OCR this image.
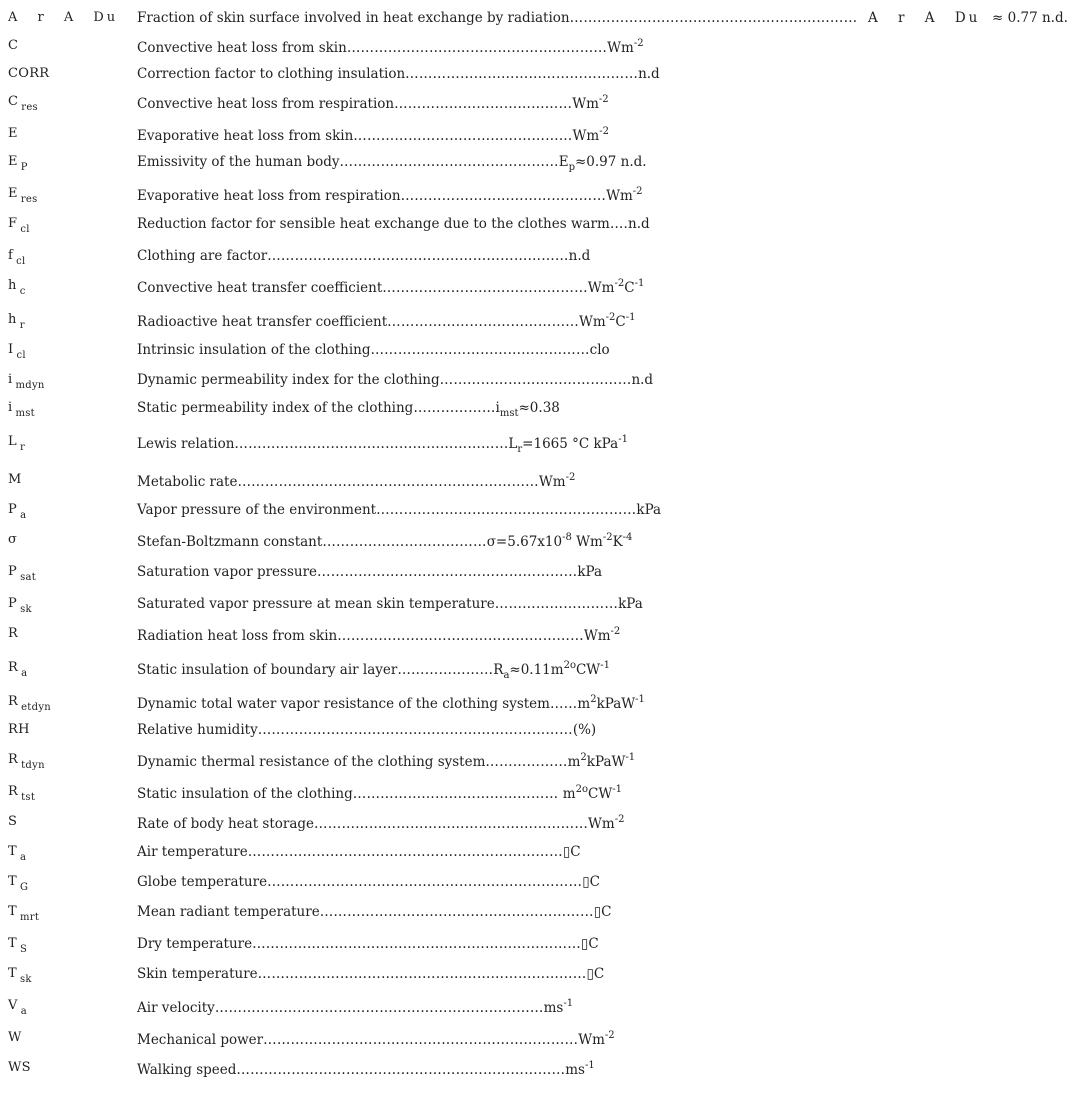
A r A Du Fraction of skin surface involved in heat exchange by radiation……………………………………………………… A r A Du ≈ 0.77 n.d.
C	Convective heat loss from $skin\dots\dots\dots\dots\dots\dots\dots\dots\dots\dots\dots\dots\dots\dots\dots\dots\dots\dots\dots Wm^{-2}$
CORR	Correction factor to clothing insulation……………………………………………n.d
C $_{res}$	Convective heat loss from $respiration\dots\dots\dots\dots\dots\dots\dots\dots\dots\dots\dots\dots\dots Wm^{-2}$
E	Evaporative heat loss from $skin\dots\dots\dots\dots\dots\dots\dots\dots\dots\dots\dots\dots\dots\dots\dots\dots Wm^{-2}$
E $_P$	Emissivity of the human $body\dots\dots\dots\dots\dots\dots\dots\dots\dots\dots\dots\dots\dots\dots\dots\dots E_p\approx 0.97$ n.d.
E $_{res}$	Evaporative heat loss from $respiration\dots\dots\dots\dots\dots\dots\dots\dots\dots\dots\dots\dots\dots\dots\dots Wm^{-2}$
F $_{cl}$	Reduction factor for sensible heat exchange due to the clothes warm….n.d
f $_{cl}$	Clothing are factor…………………………………………………………n.d
h $_c$	Convective heat transfer $coefficient\dots\dots\dots\dots\dots\dots\dots\dots\dots\dots\dots\dots\dots\dots\dots Wm^{-2}C^{-1}$
h $_r$	Radioactive heat transfer $coefficient\dots\dots\dots\dots\dots\dots\dots\dots\dots\dots\dots\dots\dots\dots Wm^{-2}C^{-1}$
I $_{cl}$	Intrinsic insulation of the clothing…………………………………………clo
i $_{mdyn}$	Dynamic permeability index for the clothing……………………………………n.d
i $_{mst}$	Static permeability index of the $clothing\dots\dots\dots\dots\dots\dots i_{mst}\approx 0.38$
L $_r$	Lewis $relation\dots\dots\dots\dots\dots\dots\dots\dots\dots\dots\dots\dots\dots\dots\dots\dots\dots\dots\dots\dots L_r=1665$ °C kPa$^{-1}$
M	Metabolic $rate\dots\dots\dots\dots\dots\dots\dots\dots\dots\dots\dots\dots\dots\dots\dots\dots\dots\dots\dots\dots\dots\dots Wm^{-2}$
P $_a$	Vapor pressure of the environment…………………………………………………kPa
σ	Stefan-Boltzmann $constant\dots\dots\dots\dots\dots\dots\dots\dots\dots\dots\dots\dots\sigma=5.67x10^{-8}$ $Wm^{-2}K^{-4}$
P $_{sat}$	Saturation vapor pressure…………………………………………………kPa
P $_{sk}$	Saturated vapor pressure at mean skin temperature………………………kPa
R	Radiation heat loss from $skin\dots\dots\dots\dots\dots\dots\dots\dots\dots\dots\dots\dots\dots\dots\dots\dots\dots\dots Wm^{-2}$
R $_a$	Static insulation of boundary air $layer\dots\dots\dots\dots\dots\dots\dots R_a\approx 0.11m^{2o}CW^{-1}$
R $_{etdyn}$	Dynamic total water vapor resistance of the clothing $system\dots\dots m^2kPaW^{-1}$
RH	Relative humidity……………………………………………………………(%)
R $_{tdyn}$	Dynamic thermal resistance of the clothing $system\dots\dots\dots\dots\dots\dots m^2kPaW^{-1}$
R $_{tst}$	Static insulation of the clothing……………………………………… $m^{2o}CW^{-1}$
S	Rate of body heat $storage\dots\dots\dots\dots\dots\dots\dots\dots\dots\dots\dots\dots\dots\dots\dots\dots\dots\dots\dots\dots Wm^{-2}$
T $_a$	Air temperature……………………………………………………………▯C
T $_G$	Globe temperature……………………………………………………………▯C
T $_{mrt}$	Mean radiant temperature……………………………………………………▯C
T $_S$	Dry temperature………………………………………………………………▯C
T $_{sk}$	Skin temperature………………………………………………………………▯C
V $_a$	Air $velocity\dots\dots\dots\dots\dots\dots\dots\dots\dots\dots\dots\dots\dots\dots\dots\dots\dots\dots\dots\dots\dots\dots\dots\dots ms^{-1}$
W	Mechanical $power\dots\dots\dots\dots\dots\dots\dots\dots\dots\dots\dots\dots\dots\dots\dots\dots\dots\dots\dots\dots\dots\dots\dots Wm^{-2}$
WS	Walking $speed\dots\dots\dots\dots\dots\dots\dots\dots\dots\dots\dots\dots\dots\dots\dots\dots\dots\dots\dots\dots\dots\dots\dots\dots ms^{-1}$
